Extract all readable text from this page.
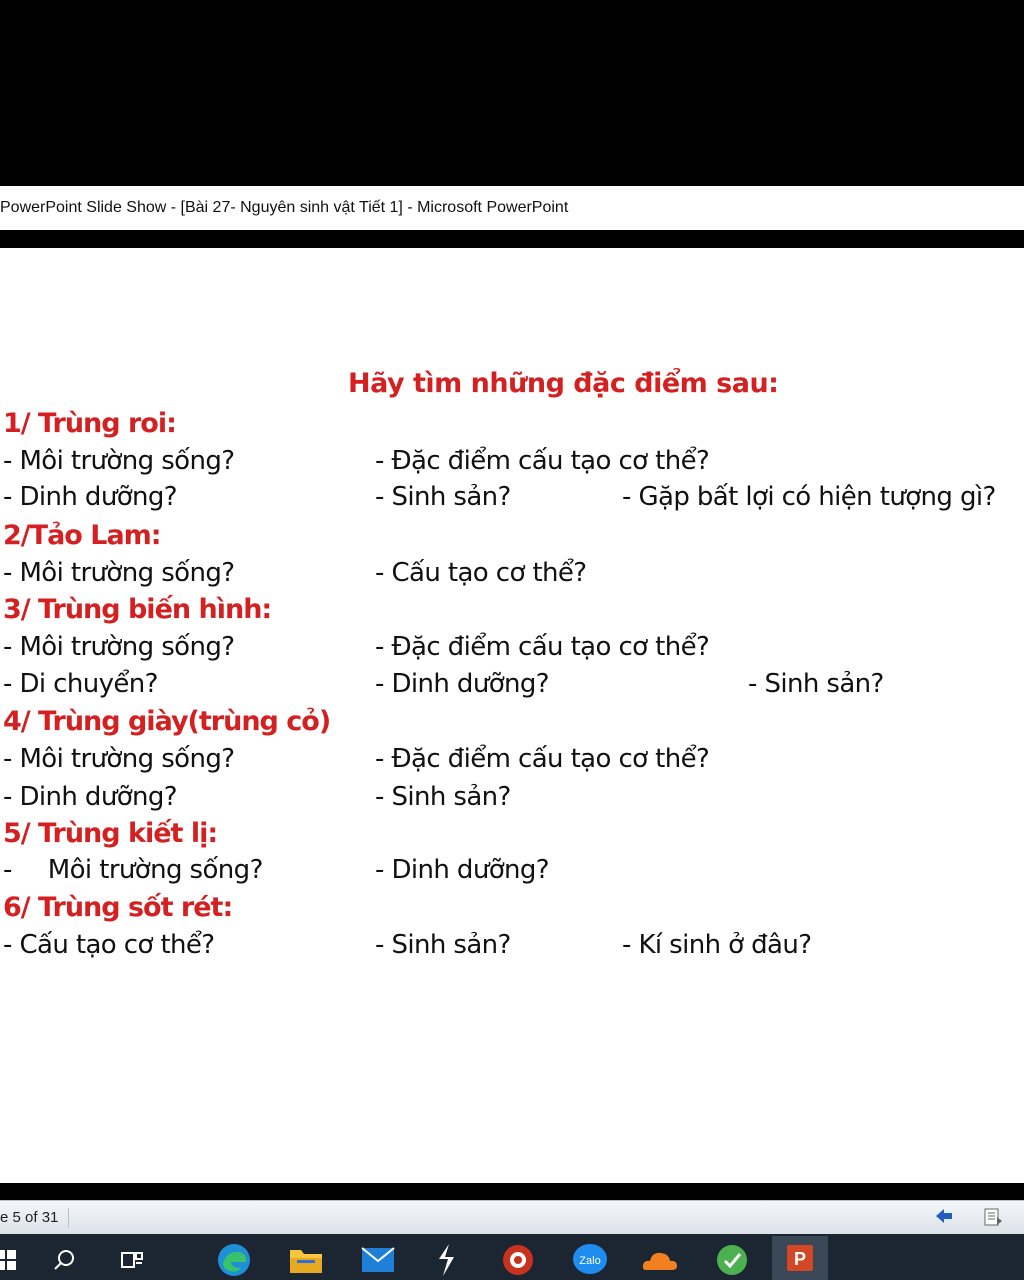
PowerPoint Slide Show - [Bài 27- Nguyên sinh vật Tiết 1] - Microsoft PowerPoint
Hãy tìm những đặc điểm sau:
1/ Trùng roi:
- Môi trường sống?	- Đặc điểm cấu tạo cơ thể?
- Dinh dưỡng?	- Sinh sản?	- Gặp bất lợi có hiện tượng gì?
2/Tảo Lam:
- Môi trường sống?	- Cấu tạo cơ thể?
3/ Trùng biến hình:
- Môi trường sống?	- Đặc điểm cấu tạo cơ thể?
- Di chuyển?	- Dinh dưỡng?	- Sinh sản?
4/ Trùng giày(trùng cỏ)
- Môi trường sống?	- Đặc điểm cấu tạo cơ thể?
- Dinh dưỡng?	- Sinh sản?
5/ Trùng kiết lị:
- Môi trường sống?	- Dinh dưỡng?
6/ Trùng sốt rét:
- Cấu tạo cơ thể?	- Sinh sản?	- Kí sinh ở đâu?
e 5 of 31
Zalo	P
